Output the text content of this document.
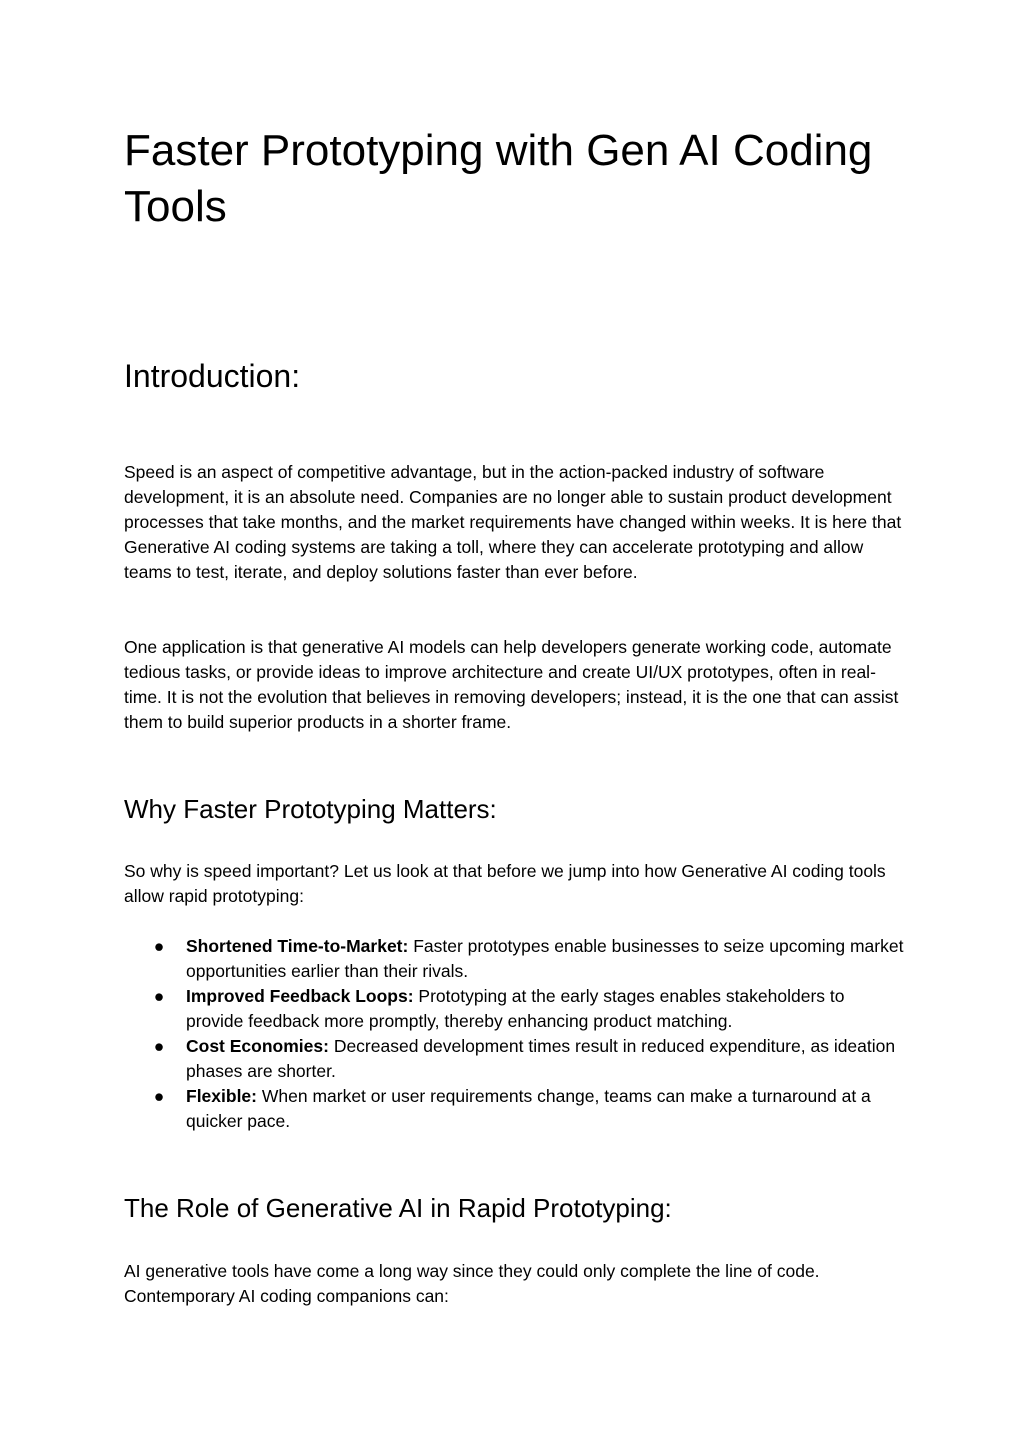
Faster Prototyping with Gen AI Coding Tools
Introduction:

Speed is an aspect of competitive advantage, but in the action-packed industry of software development, it is an absolute need. Companies are no longer able to sustain product development processes that take months, and the market requirements have changed within weeks. It is here that Generative AI coding systems are taking a toll, where they can accelerate prototyping and allow teams to test, iterate, and deploy solutions faster than ever before.

One application is that generative AI models can help developers generate working code, automate tedious tasks, or provide ideas to improve architecture and create UI/UX prototypes, often in real-time. It is not the evolution that believes in removing developers; instead, it is the one that can assist them to build superior products in a shorter frame.

Why Faster Prototyping Matters:

So why is speed important? Let us look at that before we jump into how Generative AI coding tools allow rapid prototyping:

● Shortened Time-to-Market: Faster prototypes enable businesses to seize upcoming market opportunities earlier than their rivals.
● Improved Feedback Loops: Prototyping at the early stages enables stakeholders to provide feedback more promptly, thereby enhancing product matching.
● Cost Economies: Decreased development times result in reduced expenditure, as ideation phases are shorter.
● Flexible: When market or user requirements change, teams can make a turnaround at a quicker pace.
The Role of Generative AI in Rapid Prototyping:

AI generative tools have come a long way since they could only complete the line of code. Contemporary AI coding companions can:
